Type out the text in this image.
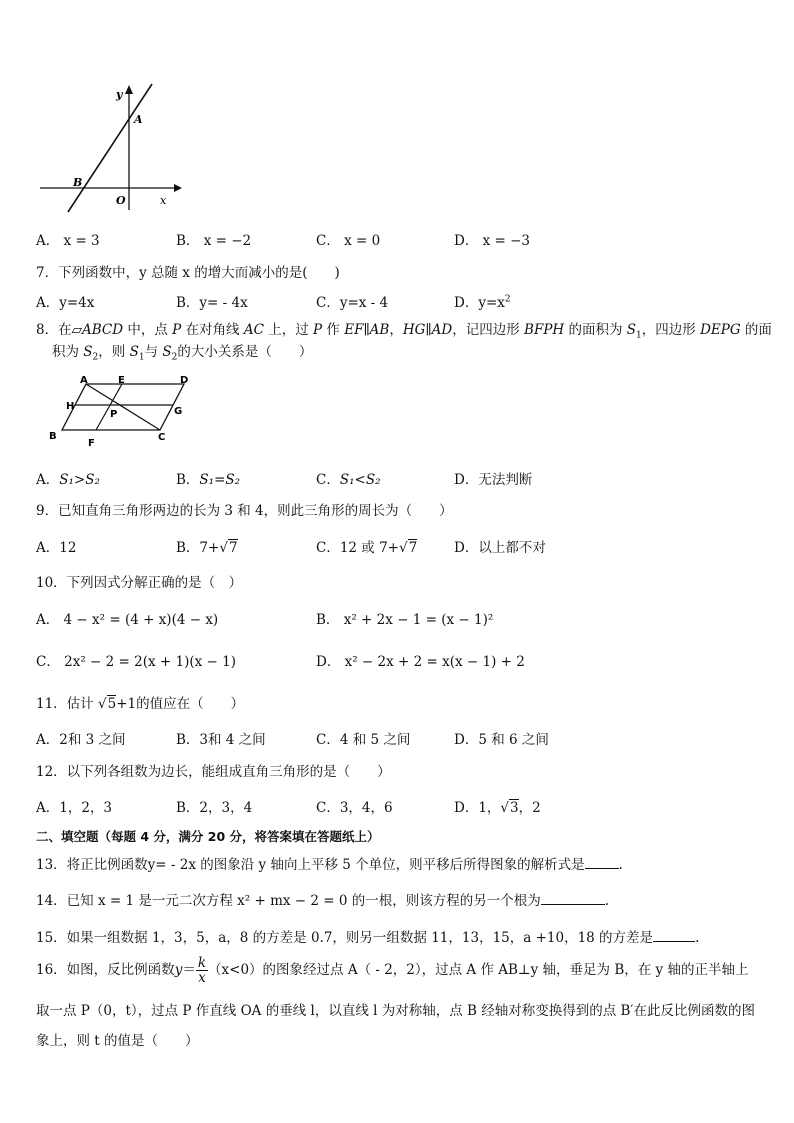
y
A
B
O	x
A． x = 3	B． x = −2	C． x = 0	D． x = −3
7．下列函数中，y 总随 x 的增大而减小的是(　　)
A．y=4x	B．y= - 4x	C．y=x - 4	D．$y=x^2$
8．在▱ABCD 中，点 P 在对角线 AC 上，过 P 作 EF∥AB，HG∥AD，记四边形 BFPH 的面积为 $S_1$，四边形 DEPG 的面
积为 $S_2$，则 $S_1$与 $S_2$的大小关系是（　　）
A	E	D
H
P	G
B
F
C
A．S₁>S₂	B．S₁=S₂	C．S₁<S₂	D．无法判断
9．已知直角三角形两边的长为 3 和 4，则此三角形的周长为（　　）
A．12	B．7+√7	C．12 或 7+√7	D．以上都不对
10．下列因式分解正确的是（　）
A． 4 − x² = (4 + x)(4 − x)	B． x² + 2x − 1 = (x − 1)²
C． 2x² − 2 = 2(x + 1)(x − 1)	D． x² − 2x + 2 = x(x − 1) + 2
11．估计 √5+1的值应在（　　）
A．2和 3 之间	B．3和 4 之间	C．4 和 5 之间	D．5 和 6 之间
12．以下列各组数为边长，能组成直角三角形的是（　　）
A．1，2，3	B．2，3，4	C．3，4，6	D．1，√3，2
二、填空题（每题 4 分，满分 20 分，将答案填在答题纸上）
13．将正比例函数y= - 2x 的图象沿 y 轴向上平移 5 个单位，则平移后所得图象的解析式是	.
14．已知 x = 1 是一元二次方程 x² + mx − 2 = 0 的一根，则该方程的另一个根为	.
15．如果一组数据 1，3，5，a，8 的方差是 0.7，则另一组数据 11，13，15，a +10，18 的方差是	.
16．如图，反比例函数$y= \frac{k}{x} (x<0)$的图象经过点 A（ - 2，2），过点 A 作 AB⊥y 轴，垂足为 B，在 y 轴的正半轴上
取一点 P（0，t），过点 P 作直线 OA 的垂线 l，以直线 l 为对称轴，点 B 经轴对称变换得到的点 B′在此反比例函数的图
象上，则 t 的值是（　　）
